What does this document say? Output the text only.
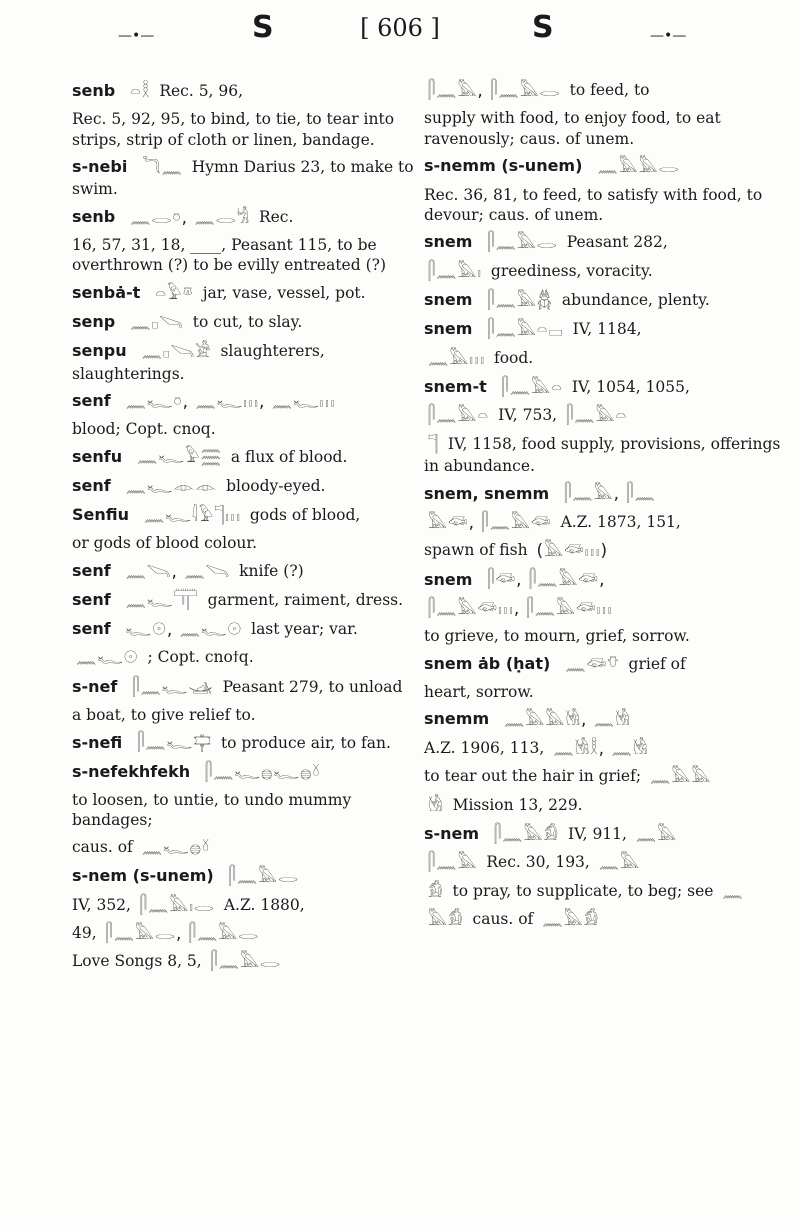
—•—	S	[ 606 ]	S	—•—
senb 𓏏𓎛 Rec. 5, 96,
Rec. 5, 92, 95, to bind, to tie, to tear into strips, strip of cloth or linen, bandage.
s-nebi 𓆓𓈖 Hymn Darius 23, to make to swim.
senb 𓈖𓂋𓏌, 𓈖𓂋𓀜 Rec.
16, 57, 31, 18, ____, Peasant 115, to be overthrown (?) to be evilly entreated (?)
senbȧ-t 𓏏𓅱𓎼 jar, vase, vessel, pot.
senp 𓈖𓊪𓌪 to cut, to slay.
senpu 𓈖𓊪𓌪𓀀 slaughterers, slaughterings.
senf 𓈖𓆑𓏌, 𓈖𓆑𓏥, 𓈖𓆑𓏥
blood; Copt. cnoq.
senfu 𓈖𓆑𓅱𓈗 a flux of blood.
senf 𓈖𓆑𓁹𓁹 bloody-eyed.
Senfiu 𓈖𓆑𓇋𓅱𓊹𓏥 gods of blood,
or gods of blood colour.
senf 𓈖𓌪, 𓈖𓌪 knife (?)
senf 𓈖𓆑𓋳 garment, raiment, dress.
senf 𓆑𓇳, 𓈖𓆑𓇳 last year; var.
𓈖𓆑𓇳 ; Copt. cnoϯq.
s-nef 𓋴𓈖𓆑𓊛 Peasant 279, to unload
a boat, to give relief to.
s-nefi 𓋴𓈖𓆑𓊡 to produce air, to fan.
s-nefekhfekh 𓋴𓈖𓆑𓐍𓆑𓐍𓍱
to loosen, to untie, to undo mummy bandages;
caus. of 𓈖𓆑𓐍𓍱
s-nem (s-unem) 𓋴𓈖𓅓𓂋
IV, 352, 𓋴𓈖𓅓𓏤𓂋 A.Z. 1880,
49, 𓋴𓈖𓅓𓂋, 𓋴𓈖𓅓𓂋
Love Songs 8, 5, 𓋴𓈖𓅓𓂋
𓋴𓈖𓅓, 𓋴𓈖𓅓𓂋 to feed, to
supply with food, to enjoy food, to eat ravenously; caus. of unem.
s-nemm (s-unem) 𓈖𓅓𓅓𓂋
Rec. 36, 81, to feed, to satisfy with food, to devour; caus. of unem.
snem 𓋴𓈖𓅓𓂋 Peasant 282,
𓋴𓈖𓅓𓏤 greediness, voracity.
snem 𓋴𓈖𓅓𓆣 abundance, plenty.
snem 𓋴𓈖𓅓𓏏𓊌 IV, 1184,
𓈖𓅓𓏥 food.
snem-t 𓋴𓈖𓅓𓏏 IV, 1054, 1055,
𓋴𓈖𓅓𓏏 IV, 753, 𓋴𓈖𓅓𓏏
𓊹 IV, 1158, food supply, provisions, offerings in abundance.
snem, snemm 𓋴𓈖𓅓, 𓋴𓈖
𓅓𓆛, 𓋴𓈖𓅓𓆛 A.Z. 1873, 151,
spawn of fish (𓅓𓆛𓏥)
snem 𓋴𓆛, 𓋴𓈖𓅓𓆛,
𓋴𓈖𓅓𓆛𓏥, 𓋴𓈖𓅓𓆛𓏥
to grieve, to mourn, grief, sorrow.
snem ȧb (ḥat) 𓈖𓆛𓄣 grief of
heart, sorrow.
snemm 𓈖𓅓𓅓𓁃, 𓈖𓁃
A.Z. 1906, 113, 𓈖𓁃𓎛, 𓈖𓁃
to tear out the hair in grief; 𓈖𓅓𓅓
𓁃 Mission 13, 229.
s-nem 𓋴𓈖𓅓𓀁 IV, 911, 𓈖𓅓
𓋴𓈖𓅓 Rec. 30, 193, 𓈖𓅓
𓀁 to pray, to supplicate, to beg; see 𓈖
𓅓𓀁 caus. of 𓈖𓅓𓀁
